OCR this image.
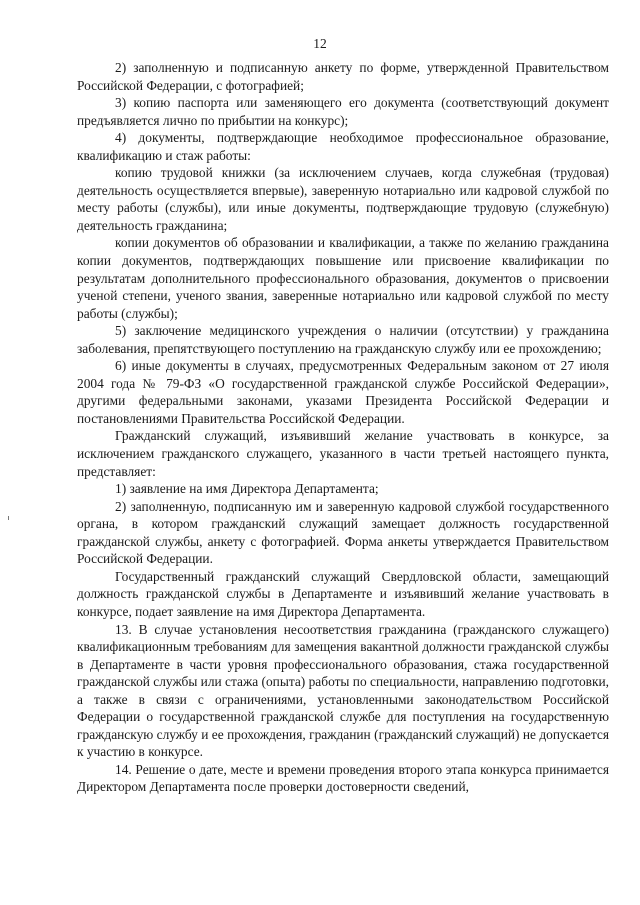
12

2) заполненную и подписанную анкету по форме, утвержденной Правительством Российской Федерации, с фотографией;

3) копию паспорта или заменяющего его документа (соответствующий документ предъявляется лично по прибытии на конкурс);

4) документы, подтверждающие необходимое профессиональное образование, квалификацию и стаж работы:

копию трудовой книжки (за исключением случаев, когда служебная (трудовая) деятельность осуществляется впервые), заверенную нотариально или кадровой службой по месту работы (службы), или иные документы, подтверждающие трудовую (служебную) деятельность гражданина;

копии документов об образовании и квалификации, а также по желанию гражданина копии документов, подтверждающих повышение или присвоение квалификации по результатам дополнительного профессионального образования, документов о присвоении ученой степени, ученого звания, заверенные нотариально или кадровой службой по месту работы (службы);

5) заключение медицинского учреждения о наличии (отсутствии) у гражданина заболевания, препятствующего поступлению на гражданскую службу или ее прохождению;

6) иные документы в случаях, предусмотренных Федеральным законом от 27 июля 2004 года № 79-ФЗ «О государственной гражданской службе Российской Федерации», другими федеральными законами, указами Президента Российской Федерации и постановлениями Правительства Российской Федерации.

Гражданский служащий, изъявивший желание участвовать в конкурсе, за исключением гражданского служащего, указанного в части третьей настоящего пункта, представляет:

1) заявление на имя Директора Департамента;

2) заполненную, подписанную им и заверенную кадровой службой государственного органа, в котором гражданский служащий замещает должность государственной гражданской службы, анкету с фотографией. Форма анкеты утверждается Правительством Российской Федерации.

Государственный гражданский служащий Свердловской области, замещающий должность гражданской службы в Департаменте и изъявивший желание участвовать в конкурсе, подает заявление на имя Директора Департамента.

13. В случае установления несоответствия гражданина (гражданского служащего) квалификационным требованиям для замещения вакантной должности гражданской службы в Департаменте в части уровня профессионального образования, стажа государственной гражданской службы или стажа (опыта) работы по специальности, направлению подготовки, а также в связи с ограничениями, установленными законодательством Российской Федерации о государственной гражданской службе для поступления на государственную гражданскую службу и ее прохождения, гражданин (гражданский служащий) не допускается к участию в конкурсе.

14. Решение о дате, месте и времени проведения второго этапа конкурса принимается Директором Департамента после проверки достоверности сведений,
